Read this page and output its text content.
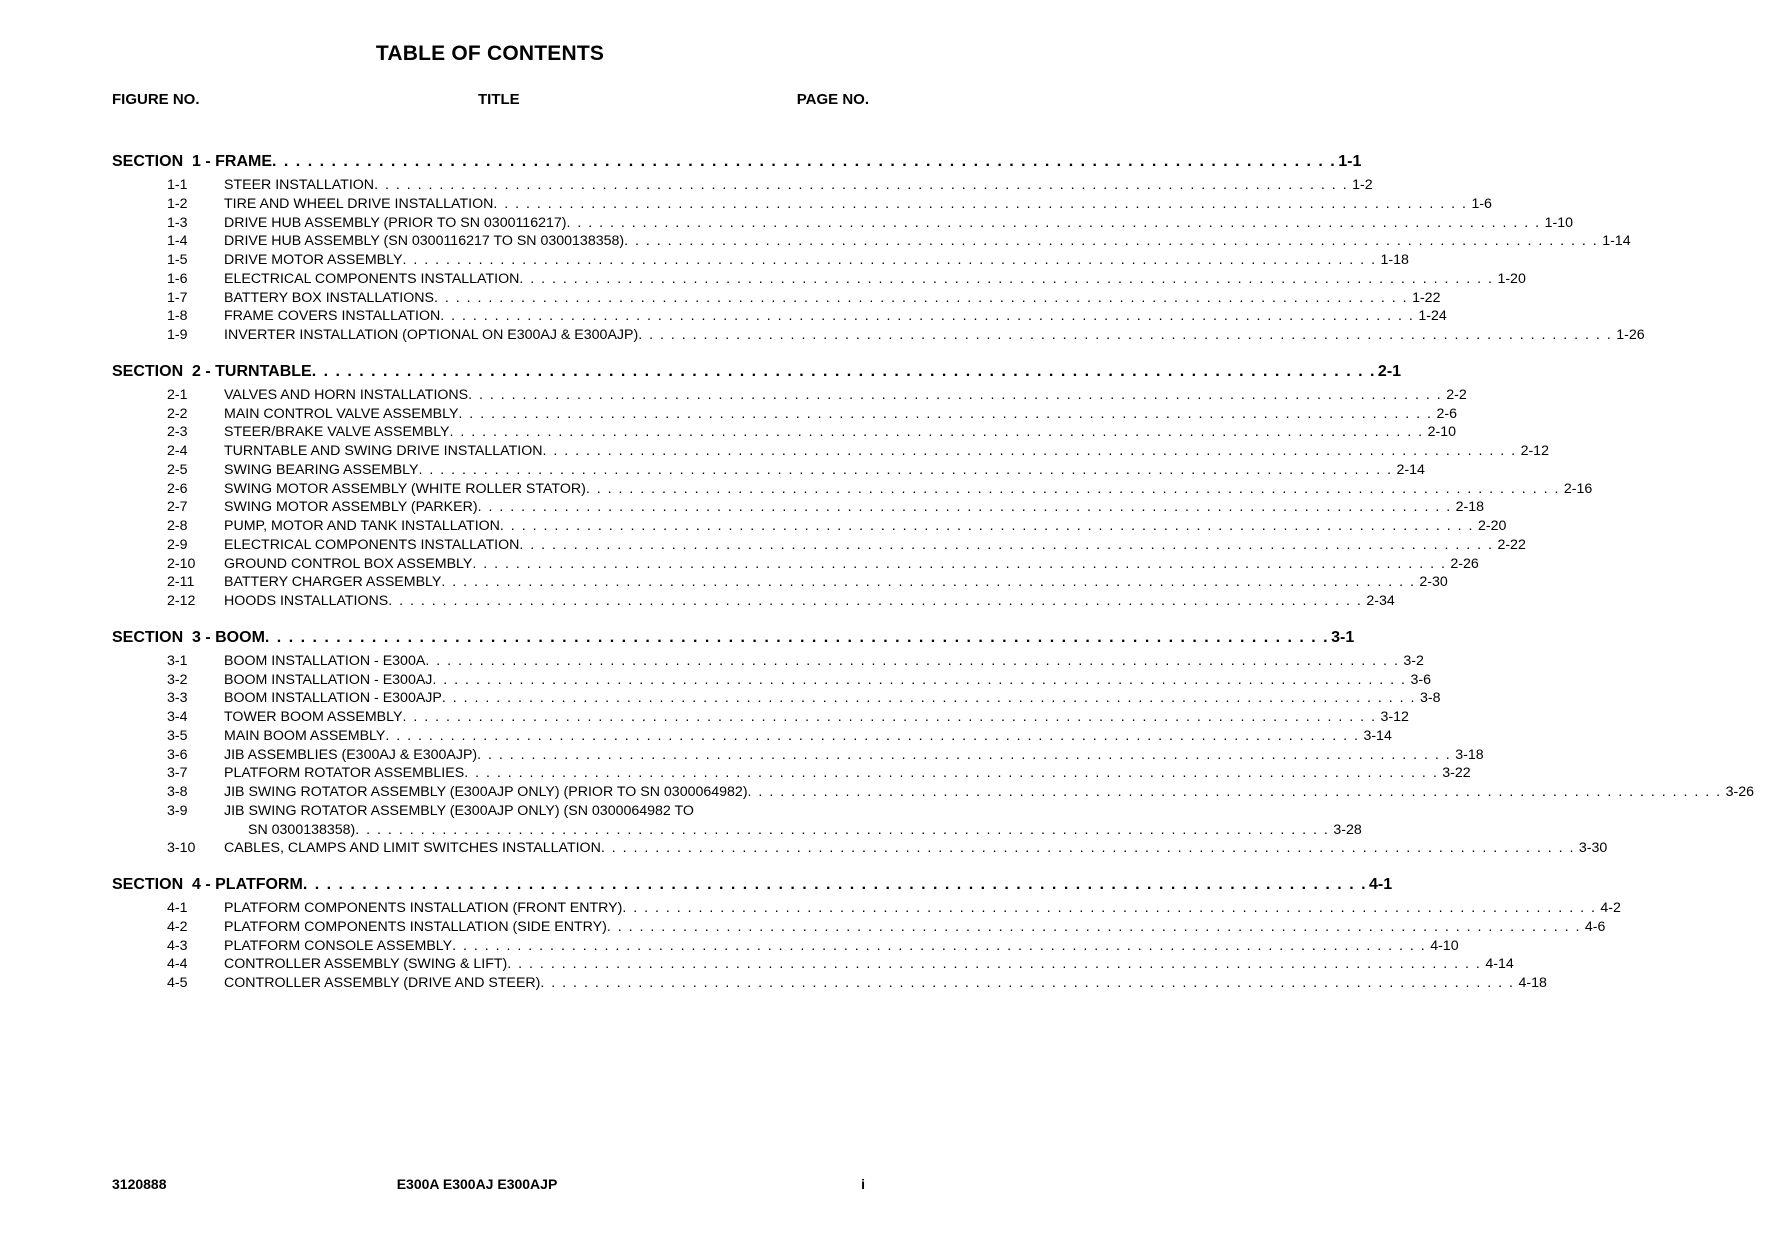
TABLE OF CONTENTS
FIGURE NO.	TITLE	PAGE NO.
SECTION  1 - FRAME . . . . . . . . . . . . . . . . . . . . . . . . . . . . . . . . . . . . . . . . . . . . . . . . . . . . . . . . . . . . . . . . . . . . . . . . . . . . . . . . . . . . . . . . . . 1-1
1-1	STEER INSTALLATION . . . . . . . . . . . . . . . . . . . . . . . . . . . . . . . . . . . . . . . . . . . . . . . . . . . . . . . . . . . . . . . . . . . . . . . . . . . . . . . . . . . . . . . . . . 1-2
1-2	TIRE AND WHEEL DRIVE INSTALLATION . . . . . . . . . . . . . . . . . . . . . . . . . . . . . . . . . . . . . . . . . . . . . . . . . . . . . . . . . . . . . . . . . . . . . . . . . . . . . . . . . . . . . . . . . . 1-6
1-3	DRIVE HUB ASSEMBLY (PRIOR TO SN 0300116217) . . . . . . . . . . . . . . . . . . . . . . . . . . . . . . . . . . . . . . . . . . . . . . . . . . . . . . . . . . . . . . . . . . . . . . . . . . . . . . . . . . . . . . . . . . 1-10
1-4	DRIVE HUB ASSEMBLY (SN 0300116217 TO SN 0300138358) . . . . . . . . . . . . . . . . . . . . . . . . . . . . . . . . . . . . . . . . . . . . . . . . . . . . . . . . . . . . . . . . . . . . . . . . . . . . . . . . . . . . . . . . . . 1-14
1-5	DRIVE MOTOR ASSEMBLY . . . . . . . . . . . . . . . . . . . . . . . . . . . . . . . . . . . . . . . . . . . . . . . . . . . . . . . . . . . . . . . . . . . . . . . . . . . . . . . . . . . . . . . . . . 1-18
1-6	ELECTRICAL COMPONENTS INSTALLATION . . . . . . . . . . . . . . . . . . . . . . . . . . . . . . . . . . . . . . . . . . . . . . . . . . . . . . . . . . . . . . . . . . . . . . . . . . . . . . . . . . . . . . . . . . 1-20
1-7	BATTERY BOX INSTALLATIONS . . . . . . . . . . . . . . . . . . . . . . . . . . . . . . . . . . . . . . . . . . . . . . . . . . . . . . . . . . . . . . . . . . . . . . . . . . . . . . . . . . . . . . . . . . 1-22
1-8	FRAME COVERS INSTALLATION . . . . . . . . . . . . . . . . . . . . . . . . . . . . . . . . . . . . . . . . . . . . . . . . . . . . . . . . . . . . . . . . . . . . . . . . . . . . . . . . . . . . . . . . . . 1-24
1-9	INVERTER INSTALLATION (OPTIONAL ON E300AJ & E300AJP) . . . . . . . . . . . . . . . . . . . . . . . . . . . . . . . . . . . . . . . . . . . . . . . . . . . . . . . . . . . . . . . . . . . . . . . . . . . . . . . . . . . . . . . . . . 1-26
SECTION  2 - TURNTABLE . . . . . . . . . . . . . . . . . . . . . . . . . . . . . . . . . . . . . . . . . . . . . . . . . . . . . . . . . . . . . . . . . . . . . . . . . . . . . . . . . . . . . . . . . . 2-1
2-1	VALVES AND HORN INSTALLATIONS . . . . . . . . . . . . . . . . . . . . . . . . . . . . . . . . . . . . . . . . . . . . . . . . . . . . . . . . . . . . . . . . . . . . . . . . . . . . . . . . . . . . . . . . . . 2-2
2-2	MAIN CONTROL VALVE ASSEMBLY . . . . . . . . . . . . . . . . . . . . . . . . . . . . . . . . . . . . . . . . . . . . . . . . . . . . . . . . . . . . . . . . . . . . . . . . . . . . . . . . . . . . . . . . . . 2-6
2-3	STEER/BRAKE VALVE ASSEMBLY . . . . . . . . . . . . . . . . . . . . . . . . . . . . . . . . . . . . . . . . . . . . . . . . . . . . . . . . . . . . . . . . . . . . . . . . . . . . . . . . . . . . . . . . . . 2-10
2-4	TURNTABLE AND SWING DRIVE INSTALLATION . . . . . . . . . . . . . . . . . . . . . . . . . . . . . . . . . . . . . . . . . . . . . . . . . . . . . . . . . . . . . . . . . . . . . . . . . . . . . . . . . . . . . . . . . . 2-12
2-5	SWING BEARING ASSEMBLY . . . . . . . . . . . . . . . . . . . . . . . . . . . . . . . . . . . . . . . . . . . . . . . . . . . . . . . . . . . . . . . . . . . . . . . . . . . . . . . . . . . . . . . . . . 2-14
2-6	SWING MOTOR ASSEMBLY (WHITE ROLLER STATOR) . . . . . . . . . . . . . . . . . . . . . . . . . . . . . . . . . . . . . . . . . . . . . . . . . . . . . . . . . . . . . . . . . . . . . . . . . . . . . . . . . . . . . . . . . . 2-16
2-7	SWING MOTOR ASSEMBLY (PARKER) . . . . . . . . . . . . . . . . . . . . . . . . . . . . . . . . . . . . . . . . . . . . . . . . . . . . . . . . . . . . . . . . . . . . . . . . . . . . . . . . . . . . . . . . . . 2-18
2-8	PUMP, MOTOR AND TANK INSTALLATION . . . . . . . . . . . . . . . . . . . . . . . . . . . . . . . . . . . . . . . . . . . . . . . . . . . . . . . . . . . . . . . . . . . . . . . . . . . . . . . . . . . . . . . . . . 2-20
2-9	ELECTRICAL COMPONENTS INSTALLATION . . . . . . . . . . . . . . . . . . . . . . . . . . . . . . . . . . . . . . . . . . . . . . . . . . . . . . . . . . . . . . . . . . . . . . . . . . . . . . . . . . . . . . . . . . 2-22
2-10	GROUND CONTROL BOX ASSEMBLY . . . . . . . . . . . . . . . . . . . . . . . . . . . . . . . . . . . . . . . . . . . . . . . . . . . . . . . . . . . . . . . . . . . . . . . . . . . . . . . . . . . . . . . . . . 2-26
2-11	BATTERY CHARGER ASSEMBLY . . . . . . . . . . . . . . . . . . . . . . . . . . . . . . . . . . . . . . . . . . . . . . . . . . . . . . . . . . . . . . . . . . . . . . . . . . . . . . . . . . . . . . . . . . 2-30
2-12	HOODS INSTALLATIONS . . . . . . . . . . . . . . . . . . . . . . . . . . . . . . . . . . . . . . . . . . . . . . . . . . . . . . . . . . . . . . . . . . . . . . . . . . . . . . . . . . . . . . . . . . 2-34
SECTION  3 - BOOM . . . . . . . . . . . . . . . . . . . . . . . . . . . . . . . . . . . . . . . . . . . . . . . . . . . . . . . . . . . . . . . . . . . . . . . . . . . . . . . . . . . . . . . . . . 3-1
3-1	BOOM INSTALLATION - E300A . . . . . . . . . . . . . . . . . . . . . . . . . . . . . . . . . . . . . . . . . . . . . . . . . . . . . . . . . . . . . . . . . . . . . . . . . . . . . . . . . . . . . . . . . . 3-2
3-2	BOOM INSTALLATION - E300AJ . . . . . . . . . . . . . . . . . . . . . . . . . . . . . . . . . . . . . . . . . . . . . . . . . . . . . . . . . . . . . . . . . . . . . . . . . . . . . . . . . . . . . . . . . . 3-6
3-3	BOOM INSTALLATION - E300AJP . . . . . . . . . . . . . . . . . . . . . . . . . . . . . . . . . . . . . . . . . . . . . . . . . . . . . . . . . . . . . . . . . . . . . . . . . . . . . . . . . . . . . . . . . . 3-8
3-4	TOWER BOOM ASSEMBLY . . . . . . . . . . . . . . . . . . . . . . . . . . . . . . . . . . . . . . . . . . . . . . . . . . . . . . . . . . . . . . . . . . . . . . . . . . . . . . . . . . . . . . . . . . 3-12
3-5	MAIN BOOM ASSEMBLY . . . . . . . . . . . . . . . . . . . . . . . . . . . . . . . . . . . . . . . . . . . . . . . . . . . . . . . . . . . . . . . . . . . . . . . . . . . . . . . . . . . . . . . . . . 3-14
3-6	JIB ASSEMBLIES (E300AJ & E300AJP) . . . . . . . . . . . . . . . . . . . . . . . . . . . . . . . . . . . . . . . . . . . . . . . . . . . . . . . . . . . . . . . . . . . . . . . . . . . . . . . . . . . . . . . . . . 3-18
3-7	PLATFORM ROTATOR ASSEMBLIES . . . . . . . . . . . . . . . . . . . . . . . . . . . . . . . . . . . . . . . . . . . . . . . . . . . . . . . . . . . . . . . . . . . . . . . . . . . . . . . . . . . . . . . . . . 3-22
3-8	JIB SWING ROTATOR ASSEMBLY (E300AJP ONLY) (PRIOR TO SN 0300064982) . . . . . . . . . . . . . . . . . . . . . . . . . . . . . . . . . . . . . . . . . . . . . . . . . . . . . . . . . . . . . . . . . . . . . . . . . . . . . . . . . . . . . . . . . . 3-26
3-9	JIB SWING ROTATOR ASSEMBLY (E300AJP ONLY) (SN 0300064982 TO
SN 0300138358) . . . . . . . . . . . . . . . . . . . . . . . . . . . . . . . . . . . . . . . . . . . . . . . . . . . . . . . . . . . . . . . . . . . . . . . . . . . . . . . . . . . . . . . . . . 3-28
3-10	CABLES, CLAMPS AND LIMIT SWITCHES INSTALLATION . . . . . . . . . . . . . . . . . . . . . . . . . . . . . . . . . . . . . . . . . . . . . . . . . . . . . . . . . . . . . . . . . . . . . . . . . . . . . . . . . . . . . . . . . . 3-30
SECTION  4 - PLATFORM . . . . . . . . . . . . . . . . . . . . . . . . . . . . . . . . . . . . . . . . . . . . . . . . . . . . . . . . . . . . . . . . . . . . . . . . . . . . . . . . . . . . . . . . . . 4-1
4-1	PLATFORM COMPONENTS INSTALLATION (FRONT ENTRY) . . . . . . . . . . . . . . . . . . . . . . . . . . . . . . . . . . . . . . . . . . . . . . . . . . . . . . . . . . . . . . . . . . . . . . . . . . . . . . . . . . . . . . . . . . 4-2
4-2	PLATFORM COMPONENTS INSTALLATION (SIDE ENTRY) . . . . . . . . . . . . . . . . . . . . . . . . . . . . . . . . . . . . . . . . . . . . . . . . . . . . . . . . . . . . . . . . . . . . . . . . . . . . . . . . . . . . . . . . . . 4-6
4-3	PLATFORM CONSOLE ASSEMBLY . . . . . . . . . . . . . . . . . . . . . . . . . . . . . . . . . . . . . . . . . . . . . . . . . . . . . . . . . . . . . . . . . . . . . . . . . . . . . . . . . . . . . . . . . . 4-10
4-4	CONTROLLER ASSEMBLY (SWING & LIFT) . . . . . . . . . . . . . . . . . . . . . . . . . . . . . . . . . . . . . . . . . . . . . . . . . . . . . . . . . . . . . . . . . . . . . . . . . . . . . . . . . . . . . . . . . . 4-14
4-5	CONTROLLER ASSEMBLY (DRIVE AND STEER) . . . . . . . . . . . . . . . . . . . . . . . . . . . . . . . . . . . . . . . . . . . . . . . . . . . . . . . . . . . . . . . . . . . . . . . . . . . . . . . . . . . . . . . . . . 4-18
3120888	E300A E300AJ E300AJP	i
